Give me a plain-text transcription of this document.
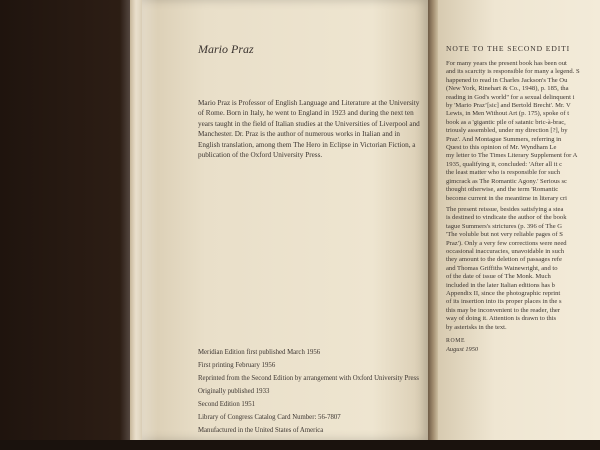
Mario Praz
Mario Praz is Professor of English Language and Literature at the University of Rome. Born in Italy, he went to England in 1923 and during the next ten years taught in the field of Italian studies at the Universities of Liverpool and Manchester. Dr. Praz is the author of numerous works in Italian and in English translation, among them The Hero in Eclipse in Victorian Fiction, a publication of the Oxford University Press.
Meridian Edition first published March 1956
First printing February 1956
Reprinted from the Second Edition by arrangement with Oxford University Press
Originally published 1933
Second Edition 1951
Library of Congress Catalog Card Number: 56-7807
Manufactured in the United States of America
NOTE TO THE SECOND EDITI
For many years the present book has been out
and its scarcity is responsible for many a legend. S
happened to read in Charles Jackson's The Ou
(New York, Rinehart & Co., 1948), p. 185, tha
reading in God's world" for a sexual delinquent i
by 'Mario Praz’[sic] and Bertold Brecht'. Mr. V
Lewis, in Men Without Art (p. 175), spoke of t
book as a 'gigantic pile of satanic bric-à-brac,
triously assembled, under my direction [?], by
Praz'. And Montague Summers, referring in
Quest to this opinion of Mr. Wyndham Le
my letter to The Times Literary Supplement for A
1935, qualifying it, concluded: 'After all it c
the least matter who is responsible for such
gimcrack as The Romantic Agony.' Serious sc
thought otherwise, and the term 'Romantic
become current in the meantime in literary cri
The present reissue, besides satisfying a stea
is destined to vindicate the author of the book
tague Summers's strictures (p. 396 of The G
'The voluble but not very reliable pages of S
Praz'). Only a very few corrections were need
occasional inaccuracies, unavoidable in such
they amount to the deletion of passages refe
and Thomas Griffiths Wainewright, and to
of the date of issue of The Monk. Much
included in the later Italian editions has b
Appendix II, since the photographic reprint
of its insertion into its proper places in the s
this may be inconvenient to the reader, ther
way of doing it. Attention is drawn to this
by asterisks in the text.
ROME
August 1950
